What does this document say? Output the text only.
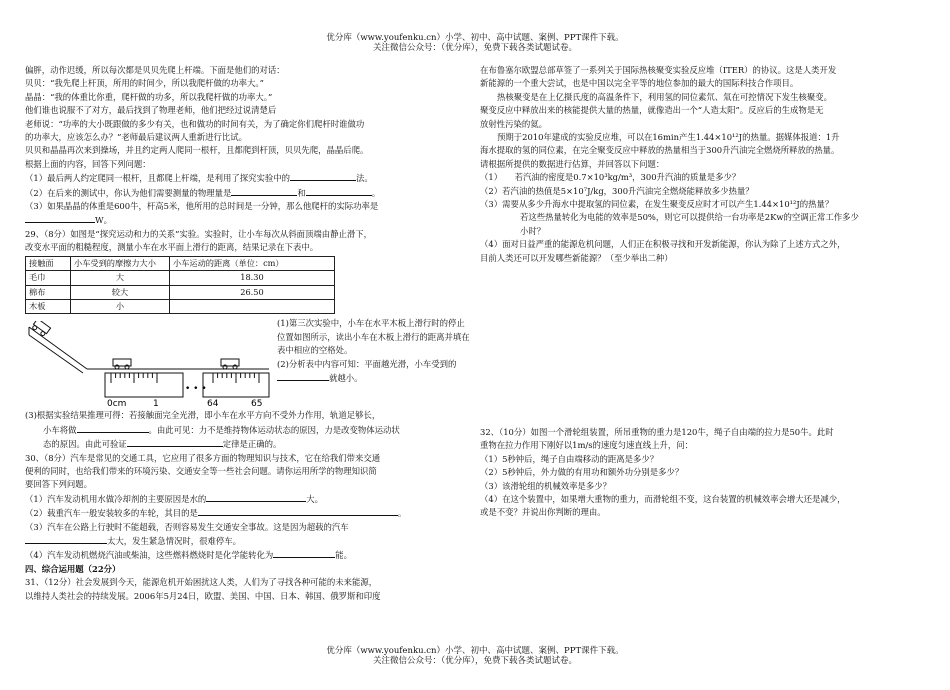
优分库（www.youfenku.cn）小学、初中、高中试题、案例、PPT课件下载。
关注微信公众号：（优分库），免费下载各类试题试卷。

偏胖，动作迟缓，所以每次都是贝贝先爬上杆端。下面是他们的对话：

贝贝：“我先爬上杆顶，所用的时间少，所以我爬杆做的功率大。”

晶晶：“我的体重比你重，爬杆做的功多，所以我爬杆做的功率大。”

他们谁也说服不了对方，最后找到了物理老师，他们把经过说清楚后

老师说：“功率的大小既跟做的多少有关，也和做功的时间有关，为了确定你们爬杆时谁做功

的功率大，应该怎么办？”老师最后建议两人重新进行比试。

贝贝和晶晶再次来到操场，并且约定两人爬同一根杆，且都爬到杆顶，贝贝先爬，晶晶后爬。

根据上面的内容，回答下列问题：

（1）最后两人约定爬同一根杆，且都爬上杆端，是利用了探究实验中的	法。

（2）在后来的测试中，你认为他们需要测量的物理量是	和	。

（3）如果晶晶的体重是600牛，杆高5米，他所用的总时间是一分钟，那么他爬杆的实际功率是

W。

29、（8分）如图是“探究运动和力的关系”实验。实验时，让小车每次从斜面顶端由静止滑下，

改变水平面的粗糙程度，测量小车在水平面上滑行的距离，结果记录在下表中。

接触面	小车受到的摩擦力大小	小车运动的距离（单位：cm）
毛巾	大	18.30
棉布	较大	26.50
木板	小	
0cm	1
• • •
64	65

(1)第三次实验中，小车在水平木板上滑行时的停止位置如图所示，读出小车在木板上滑行的距离并填在表中相应的空格处。

(2)分析表中内容可知：平面越光滑，小车受到的就越小。

(3)根据实验结果推理可得：若接触面完全光滑，即小车在水平方向不受外力作用，轨道足够长，

小车将做	。由此可见：力不是维持物体运动状态的原因，力是改变物体运动状

态的原因。由此可验证	定律是正确的。

30、（8分）汽车是常见的交通工具，它应用了很多方面的物理知识与技术，它在给我们带来交通

便利的同时，也给我们带来的环境污染、交通安全等一些社会问题。请你运用所学的物理知识简

要回答下列问题。

（1）汽车发动机用水做冷却剂的主要原因是水的	大。

（2）载重汽车一般安装较多的车轮，其目的是	。

（3）汽车在公路上行驶时不能超载，否则容易发生交通安全事故。这是因为超载的汽车

太大，发生紧急情况时，很难停车。

（4）汽车发动机燃烧汽油或柴油，这些燃料燃烧时是化学能转化为	能。

四、综合运用题（22分）

31、（12分）社会发展到今天，能源危机开始困扰这人类，人们为了寻找各种可能的未来能源，

以维持人类社会的持续发展。2006年5月24日，欧盟、美国、中国、日本、韩国、俄罗斯和印度

在布鲁塞尔欧盟总部草签了一系列关于国际热核聚变实验反应堆（ITER）的协议。这是人类开发

新能源的一个重大尝试，也是中国以完全平等的地位参加的最大的国际科技合作项目。

热核聚变是在上亿摄氏度的高温条件下，利用氢的同位素氘、氚在可控情况下发生核聚变。

聚变反应中释放出来的核能提供大量的热量，就像造出一个“人造太阳”。反应后的生成物是无

放射性污染的氦。

预期于2010年建成的实验反应堆，可以在16min产生1.44×10¹²J的热量。据媒体报道：1升

海水提取的氢的同位素，在完全聚变反应中释放的热量相当于300升汽油完全燃烧所释放的热量。

请根据所提供的数据进行估算，并回答以下问题：

（1）　　若汽油的密度是0.7×10³kg/m³，300升汽油的质量是多少？

（2）若汽油的热值是5×10⁷J/kg，300升汽油完全燃烧能释放多少热量？

（3）需要从多少升海水中提取氢的同位素，在发生聚变反应时才可以产生1.44×10¹²J的热量？

若这些热量转化为电能的效率是50%，则它可以提供给一台功率是2Kw的空调正常工作多少

小时？

（4）面对日益严重的能源危机问题，人们正在积极寻找和开发新能源，你认为除了上述方式之外，

目前人类还可以开发哪些新能源？（至少举出二种）

32、（10分）如图一个滑轮组装置，所吊重物的重力是120牛，绳子自由端的拉力是50牛。此时

重物在拉力作用下刚好以1m/s的速度匀速直线上升，问：

（1）5秒钟后，绳子自由端移动的距离是多少？

（2）5秒钟后，外力做的有用功和额外功分别是多少？

（3）该滑轮组的机械效率是多少？

（4）在这个装置中，如果增大重物的重力，而滑轮组不变，这台装置的机械效率会增大还是减少，

或是不变？并说出你判断的理由。

优分库（www.youfenku.cn）小学、初中、高中试题、案例、PPT课件下载。
关注微信公众号：（优分库），免费下载各类试题试卷。
